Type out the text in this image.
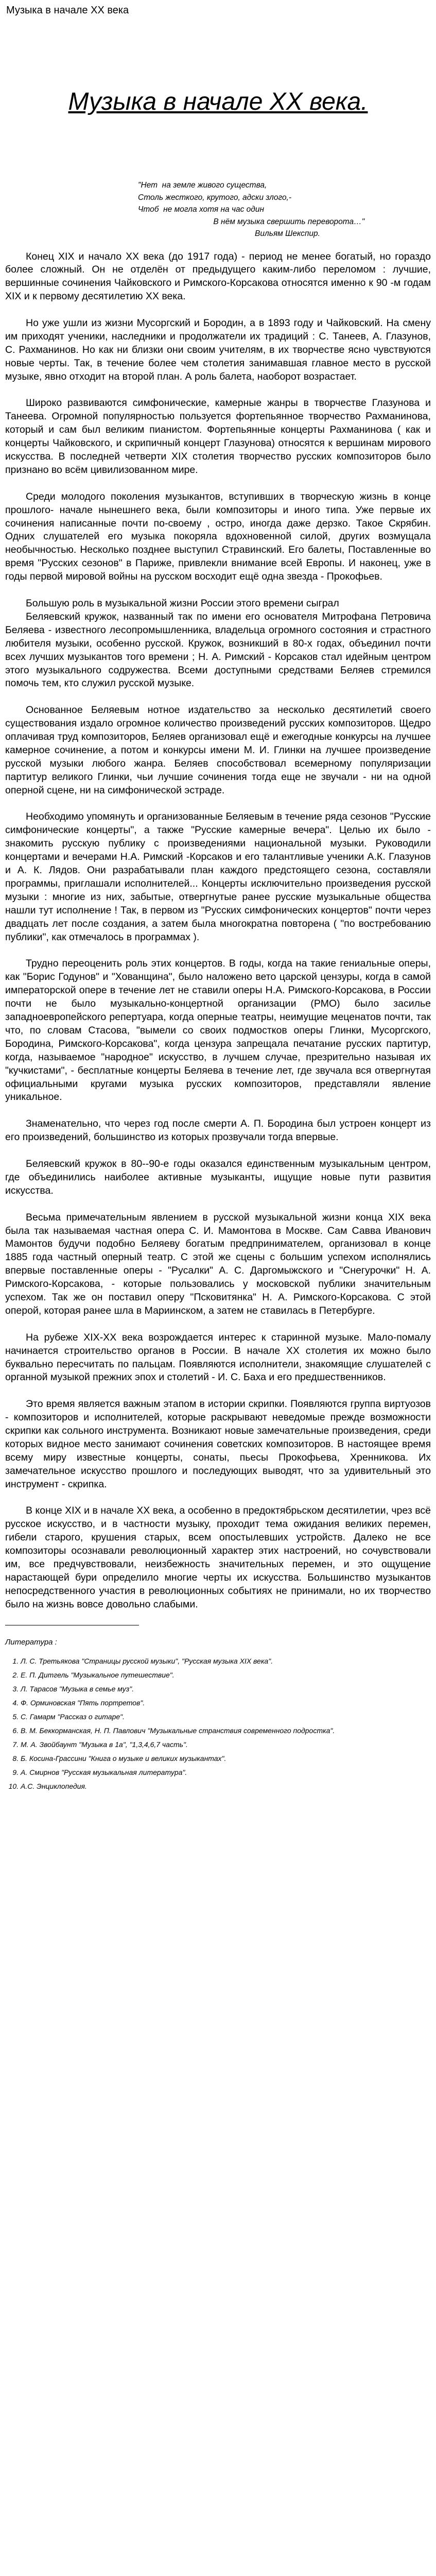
Музыка в начале XX века
Музыка в начале XX века.
"Нет  на земле живого существа,
Столь жесткого, крутого, адски злого,-
Чтоб  не могла хотя на час один
В нём музыка свершить переворота…"
Вильям Шекспир.

Конец XIX и начало XX века (до 1917 года) - период не менее богатый, но гораздо более сложный. Он не отделён от предыдущего каким-либо переломом : лучшие, вершинные сочинения Чайковского и Римского-Корсакова относятся именно к 90 -м годам XIX и к первому десятилетию XX века.

Но уже ушли из жизни Мусоргский и Бородин, а в 1893 году и Чайковский. На смену им приходят ученики, наследники и продолжатели их традиций : С. Танеев, А. Глазунов, С. Рахманинов. Но как ни близки они своим учителям, в их творчестве ясно чувствуются новые черты. Так, в течение более чем столетия занимавшая главное место в русской музыке, явно отходит на второй план. А роль балета, наоборот возрастает.

Широко развиваются симфонические, камерные жанры в творчестве Глазунова и Танеева. Огромной популярностью пользуется фортепьянное творчество Рахманинова, который и сам был великим пианистом. Фортепьянные концерты Рахманинова ( как и концерты Чайковского, и скрипичный концерт Глазунова) относятся к вершинам мирового искусства. В последней четверти XIX столетия творчество русских композиторов было признано во всём цивилизованном мире.

Среди молодого поколения музыкантов, вступивших в творческую жизнь в конце прошлого- начале нынешнего века, были композиторы и иного типа. Уже первые их сочинения написанные почти по-своему , остро, иногда даже дерзко. Такое Скрябин. Одних слушателей его музыка покоряла вдохновенной силой, других возмущала необычностью. Несколько позднее выступил Стравинский. Его балеты, Поставленные во время "Русских сезонов" в Париже, привлекли внимание всей Европы. И наконец, уже в годы первой мировой войны на русском восходит ещё одна звезда - Прокофьев.

Большую роль в музыкальной жизни России этого времени сыграл

Беляевский кружок, названный так по имени его основателя Митрофана Петровича Беляева - известного лесопромышленника, владельца огромного состояния и страстного любителя музыки, особенно русской. Кружок, возникший в 80-х годах, объединил почти всех лучших музыкантов того времени ; Н. А. Римский - Корсаков стал идейным центром этого музыкального содружества. Всеми доступными средствами Беляев стремился помочь тем, кто служил русской музыке.

Основанное Беляевым нотное издательство за несколько десятилетий своего существования издало огромное количество произведений русских композиторов. Щедро оплачивая труд композиторов, Беляев организовал ещё и ежегодные конкурсы на лучшее камерное сочинение, а потом и конкурсы имени М. И. Глинки на лучшее произведение русской музыки любого жанра. Беляев способствовал всемерному популяризации партитур великого Глинки, чьи лучшие сочинения тогда еще не звучали - ни на одной оперной сцене, ни на симфонической эстраде.

Необходимо упомянуть и организованные Беляевым в течение ряда сезонов "Русские симфонические концерты", а также "Русские камерные вечера". Целью их было - знакомить русскую публику с произведениями национальной музыки. Руководили концертами и вечерами Н.А. Римский -Корсаков и его талантливые ученики А.К. Глазунов и А. К. Лядов. Они разрабатывали план каждого предстоящего сезона, составляли программы, приглашали исполнителей... Концерты исключительно произведения русской музыки : многие из них, забытые, отвергнутые ранее русские музыкальные общества нашли тут исполнение ! Так, в первом из "Русских симфонических концертов" почти через двадцать лет после создания, а затем была многократна повторена ( "по востребованию публики", как отмечалось в программах ).

Трудно переоценить роль этих концертов. В годы, когда на такие гениальные оперы, как "Борис Годунов" и "Хованщина", было наложено вето царской цензуры, когда в самой императорской опере в течение лет не ставили оперы Н.А. Римского-Корсакова, в России почти не было музыкально-концертной организации (РМО) было засилье западноевропейского репертуара, когда оперные театры, неимущие меценатов почти, так что, по словам Стасова, "вымели со своих подмостков оперы Глинки, Мусоргского, Бородина, Римского-Корсакова", когда цензура запрещала печатание русских партитур, когда, называемое "народное" искусство, в лучшем случае, презрительно называя их "кучкистами", - бесплатные концерты Беляева в течение лет, где звучала вся отвергнутая официальными кругами музыка русских композиторов, представляли явление уникальное.

Знаменательно, что через год после смерти А. П. Бородина был устроен концерт из его произведений, большинство из которых прозвучали тогда впервые.

Беляевский кружок в 80--90-е годы оказался единственным музыкальным центром, где объединились наиболее активные музыканты, ищущие новые пути развития искусства.

Весьма примечательным явлением в русской музыкальной жизни конца XIX века была так называемая частная опера С. И. Мамонтова в Москве. Сам Савва Иванович Мамонтов будучи подобно Беляеву богатым предпринимателем, организовал в конце 1885 года частный оперный театр. С этой же сцены с большим успехом исполнялись впервые поставленные оперы - "Русалки" А. С. Даргомыжского и "Снегурочки" Н. А. Римского-Корсакова, - которые пользовались у московской публики значительным успехом. Так же он поставил оперу "Псковитянка" Н. А. Римского-Корсакова. С этой оперой, которая ранее шла в Мариинском, а затем не ставилась в Петербурге.

На рубеже XIX-XX века возрождается интерес к старинной музыке. Мало-помалу начинается строительство органов в России. В начале XX столетия их можно было буквально пересчитать по пальцам. Появляются исполнители, знакомящие слушателей с органной музыкой прежних эпох и столетий - И. С. Баха и его предшественников.

Это время является важным этапом в истории скрипки. Появляются группа виртуозов - композиторов и исполнителей, которые раскрывают неведомые прежде возможности скрипки как сольного инструмента. Возникают новые замечательные произведения, среди которых видное место занимают сочинения советских композиторов. В настоящее время всему миру известные концерты, сонаты, пьесы Прокофьева, Хренникова. Их замечательное искусство прошлого и последующих выводят, что за удивительный это инструмент - скрипка.

В конце XIX и в начале XX века, а особенно в предоктябрьском десятилетии, чрез всё русское искусство, и в частности музыку, проходит тема ожидания великих перемен, гибели старого, крушения старых, всем опостылевших устройств. Далеко не все композиторы осознавали революционный характер этих настроений, но сочувствовали им, все предчувствовали, неизбежность значительных перемен, и это ощущение нарастающей бури определило многие черты их искусства. Большинство музыкантов непосредственного участия в революционных событиях не принимали, но их творчество было на жизнь вовсе довольно слабыми.

Литература :
1. Л. С. Третьякова "Страницы русской музыки", "Русская музыка XIX века".
2. Е. П. Дитгель "Музыкальное путешествие".
3. Л. Тарасов "Музыка в семье муз".
4. Ф. Орминовская "Пять портретов".
5. С. Гамарм "Рассказ о гитаре".
6. В. М. Беккорманская, Н. П. Павлович "Музыкальные странствия современного подростка".
7. М. А. Звойбаунт "Музыка в 1а", "1,3,4,6,7 часть".
8. Б. Косина-Грассини "Книга о музыке и великих музыкантах".
9. А. Смирнов "Русская музыкальная литература".
10. А.С. Энциклопедия.
